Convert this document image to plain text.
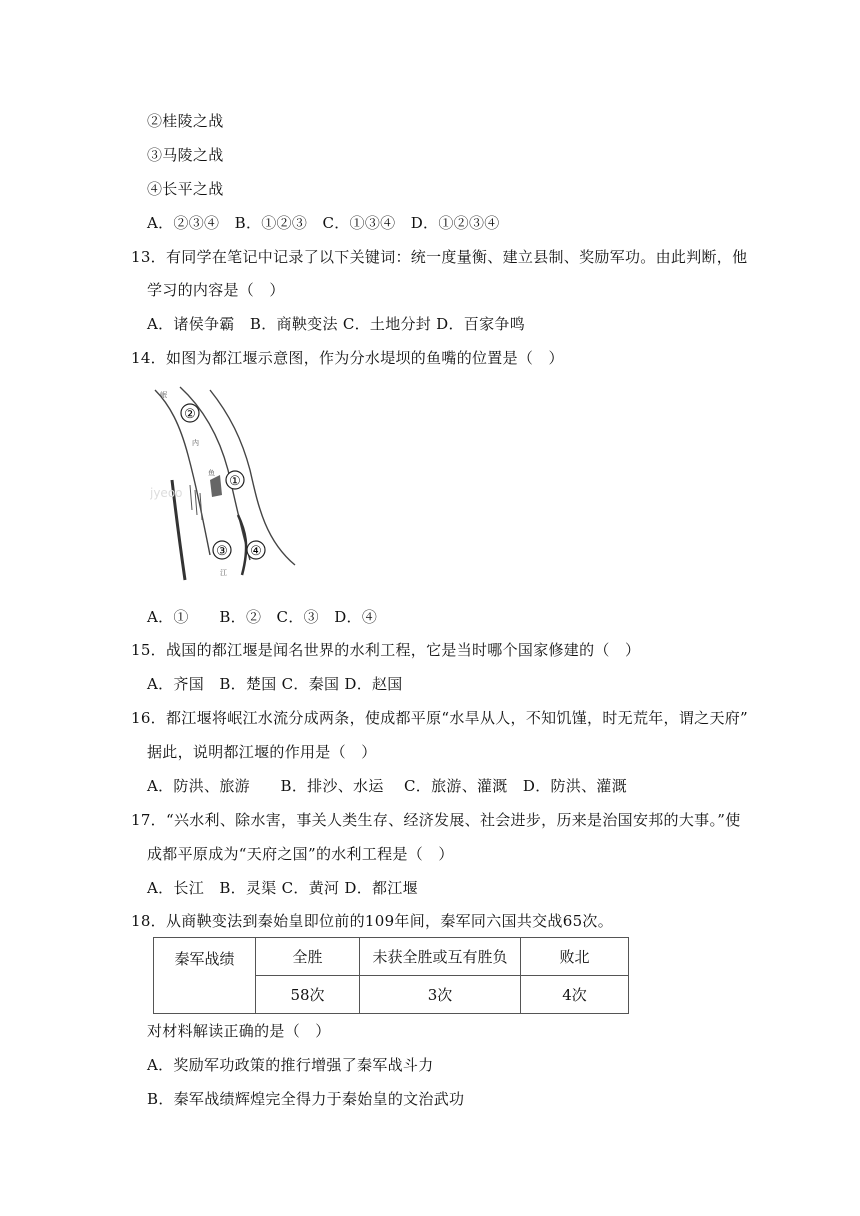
②桂陵之战
③马陵之战
④长平之战
A．②③④　B．①②③　C．①③④　D．①②③④
13．有同学在笔记中记录了以下关键词：统一度量衡、建立县制、奖励军功。由此判断，他
学习的内容是（　）
A．诸侯争霸　B．商鞅变法 C．土地分封 D．百家争鸣
14．如图为都江堰示意图，作为分水堤坝的鱼嘴的位置是（　）
岷
内
鱼
江
jyeoo
②
①
③ ④
A．①　　B．②　C．③　D．④
15．战国的都江堰是闻名世界的水利工程，它是当时哪个国家修建的（　）
A．齐国　B．楚国 C．秦国 D．赵国
16．都江堰将岷江水流分成两条，使成都平原“水旱从人，不知饥馑，时无荒年，谓之天府”
据此，说明都江堰的作用是（　）
A．防洪、旅游　　B．排沙、水运　 C．旅游、灌溉　D．防洪、灌溉
17．“兴水利、除水害，事关人类生存、经济发展、社会进步，历来是治国安邦的大事。”使
成都平原成为“天府之国”的水利工程是（　）
A．长江　B．灵渠 C．黄河 D．都江堰
18．从商鞅变法到秦始皇即位前的109年间，秦军同六国共交战65次。
秦军战绩	全胜	未获全胜或互有胜负	败北
	58次	3次	4次
对材料解读正确的是（　）
A．奖励军功政策的推行增强了秦军战斗力
B．秦军战绩辉煌完全得力于秦始皇的文治武功
